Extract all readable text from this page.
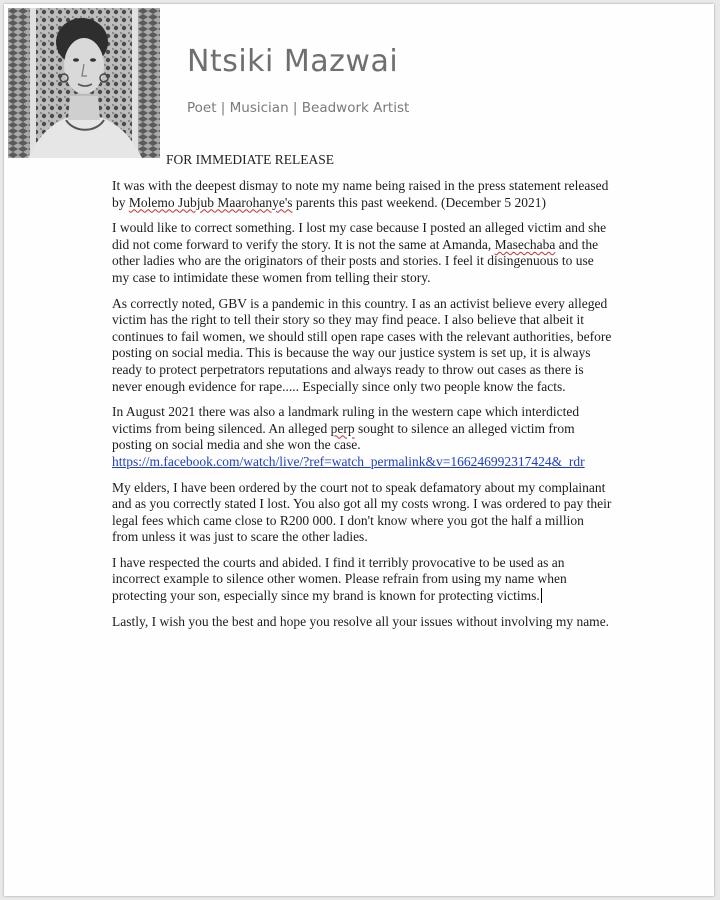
Ntsiki Mazwai
Poet | Musician | Beadwork Artist
FOR IMMEDIATE RELEASE

It was with the deepest dismay to note my name being raised in the press statement released by Molemo Jubjub Maarohanye's parents this past weekend. (December 5 2021)

I would like to correct something. I lost my case because I posted an alleged victim and she did not come forward to verify the story. It is not the same at Amanda, Masechaba and the other ladies who are the originators of their posts and stories. I feel it disingenuous to use my case to intimidate these women from telling their story.

As correctly noted, GBV is a pandemic in this country. I as an activist believe every alleged victim has the right to tell their story so they may find peace. I also believe that albeit it continues to fail women, we should still open rape cases with the relevant authorities, before posting on social media. This is because the way our justice system is set up, it is always ready to protect perpetrators reputations and always ready to throw out cases as there is never enough evidence for rape..... Especially since only two people know the facts.

In August 2021 there was also a landmark ruling in the western cape which interdicted victims from being silenced. An alleged perp sought to silence an alleged victim from posting on social media and she won the case.
https://m.facebook.com/watch/live/?ref=watch_permalink&v=166246992317424&_rdr

My elders, I have been ordered by the court not to speak defamatory about my complainant and as you correctly stated I lost. You also got all my costs wrong. I was ordered to pay their legal fees which came close to R200 000. I don't know where you got the half a million from unless it was just to scare the other ladies.

I have respected the courts and abided. I find it terribly provocative to be used as an incorrect example to silence other women. Please refrain from using my name when protecting your son, especially since my brand is known for protecting victims.

Lastly, I wish you the best and hope you resolve all your issues without involving my name.
